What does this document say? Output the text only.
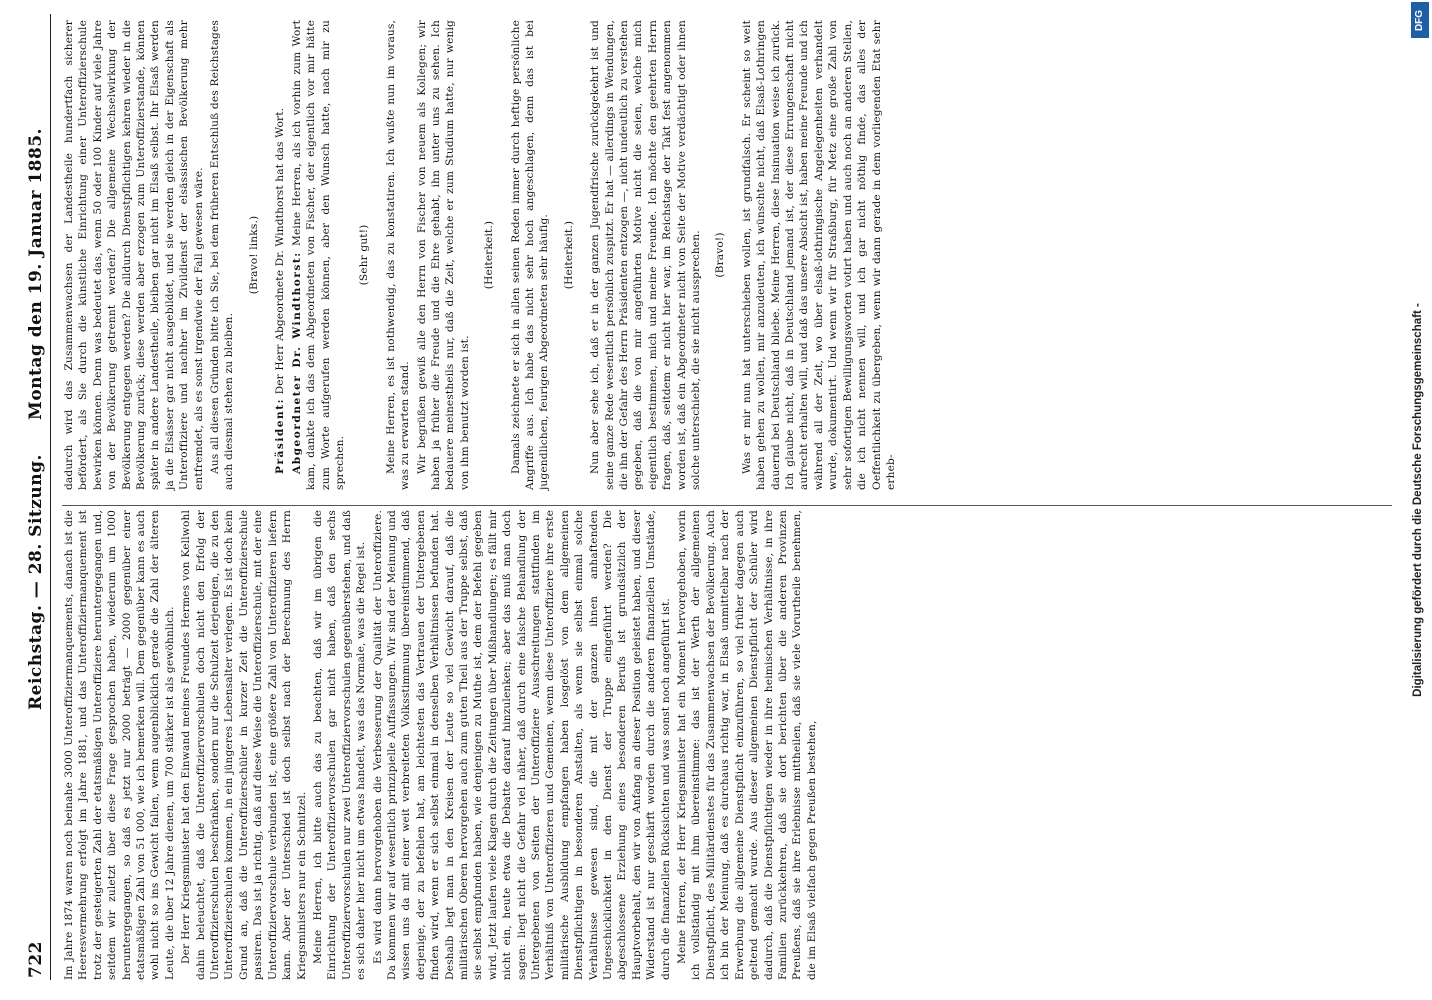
722
Reichstag. — 28. Sitzung.
Montag den 19. Januar 1885.

Im Jahre 1874 waren noch beinahe 3000 Unteroffiziermanquements, danach ist die Heeresvermehrung erfolgt im Jahre 1881, und das Unteroffiziermanquement ist trotz der gesteigerten Zahl der etatsmäßigen Unteroffiziere heruntergegangen und, seitdem wir zuletzt über diese Frage gesprochen haben, wiederum um 1000 heruntergegangen, so daß es jetzt nur 2000 beträgt — 2000 gegenüber einer etatsmäßigen Zahl von 51 000, wie ich bemerken will. Dem gegenüber kann es auch wohl nicht so ins Gewicht fallen, wenn augenblicklich gerade die Zahl der älteren Leute, die über 12 Jahre dienen, um 700 stärker ist als gewöhnlich. Der Herr Kriegsminister hat den Einwand meines Freundes Hermes von Kellwohl dahin beleuchtet, daß die Unteroffiziervorschulen doch nicht den Erfolg der Unteroffizierschulen beschränken, sondern nur die Schulzeit derjenigen, die zu den Unteroffizierschulen kommen, in ein jüngeres Lebensalter verlegen. Es ist doch kein Grund an, daß die Unteroffizierschüler in kurzer Zeit die Unteroffizierschule passiren. Das ist ja richtig, daß auf diese Weise die Unteroffizierschule, mit der eine Unteroffiziervorschule verbunden ist, eine größere Zahl von Unteroffizieren liefern kann. Aber der Unterschied ist doch selbst nach der Berechnung des Herrn Kriegsministers nur ein Schnitzel. Meine Herren, ich bitte auch das zu beachten, daß wir im übrigen die Einrichtung der Unteroffiziervorschulen gar nicht haben, daß den sechs Unteroffiziervorschulen nur zwei Unteroffiziervorschulen gegenüberstehen, und daß es sich daher hier nicht um etwas handelt, was das Normale, was die Regel ist. Es wird dann hervorgehoben die Verbesserung der Qualität der Unteroffiziere. Da kommen wir auf wesentlich prinzipielle Auffassungen. Wir sind der Meinung und wissen uns da mit einer weit verbreiteten Volksstimmung übereinstimmend, daß derjenige, der zu befehlen hat, am leichtesten das Vertrauen der Untergebenen finden wird, wenn er sich selbst einmal in denselben Verhältnissen befunden hat. Deshalb legt man in den Kreisen der Leute so viel Gewicht darauf, daß die militärischen Oberen hervorgehen auch zum guten Theil aus der Truppe selbst, daß sie selbst empfunden haben, wie denjenigen zu Muthe ist, dem der Befehl gegeben wird. Jetzt laufen viele Klagen durch die Zeitungen über Mißhandlungen; es fällt mir nicht ein, heute etwa die Debatte darauf hinzulenken; aber das muß man doch sagen: liegt nicht die Gefahr viel näher, daß durch eine falsche Behandlung der Untergebenen von Seiten der Unteroffiziere Ausschreitungen stattfinden im Verhältniß von Unteroffizieren und Gemeinen, wenn diese Unteroffiziere ihre erste militärische Ausbildung empfangen haben losgelöst von dem allgemeinen Dienstpflichtigen in besonderen Anstalten, als wenn sie selbst einmal solche Verhältnisse gewesen sind, die mit der ganzen ihnen anhaftenden Ungeschicklichkeit in den Dienst der Truppe eingeführt werden? Die abgeschlossene Erziehung eines besonderen Berufs ist grundsätzlich der Hauptvorbehalt, den wir von Anfang an dieser Position geleistet haben, und dieser Widerstand ist nur geschärft worden durch die anderen finanziellen Umstände, durch die finanziellen Rücksichten und was sonst noch angeführt ist. Meine Herren, der Herr Kriegsminister hat ein Moment hervorgehoben, worin ich vollständig mit ihm übereinstimme: das ist der Werth der allgemeinen Dienstpflicht, des Militärdienstes für das Zusammenwachsen der Bevölkerung. Auch ich bin der Meinung, daß es durchaus richtig war, in Elsaß unmittelbar nach der Erwerbung die allgemeine Dienstpflicht einzuführen, so viel früher dagegen auch geltend gemacht wurde. Aus dieser allgemeinen Dienstpflicht der Schüler wird dadurch, daß die Dienstpflichtigen wieder in ihre heimischen Verhältnisse, in ihre Familien zurückkehren, daß sie dort berichten über die anderen Provinzen Preußens, daß sie ihre Erlebnisse mittheilen, daß sie viele Vorurtheile benehmen, die im Elsaß vielfach gegen Preußen bestehen,

dadurch wird das Zusammenwachsen der Landestheile hundertfach sicherer befördert, als Sie durch die künstliche Einrichtung einer Unteroffizierschule bewirken können. Denn was bedeutet das, wenn 50 oder 100 Kinder auf viele Jahre von der Bevölkerung getrennt werden? Die allgemeine Wechselwirkung der Bevölkerung entgegen werden? Die alldurch Dienstpflichtigen kehren wieder in die Bevölkerung zurück; diese werden aber erzogen zum Unteroffizierstande, können später in andere Landestheile, bleiben gar nicht im Elsaß selbst. Ihr Elsaß werden ja die Elsässer gar nicht ausgebildet, und sie werden gleich in der Eigenschaft als Unteroffiziere und nachher im Zivildienst der elsässischen Bevölkerung mehr entfremdet, als es sonst irgendwie der Fall gewesen wäre. Aus all diesen Gründen bitte ich Sie, bei dem früheren Entschluß des Reichstages auch diesmal stehen zu bleiben.

(Bravo! links.)

Präsident: Der Herr Abgeordnete Dr. Windthorst hat das Wort. Abgeordneter Dr. Windthorst: Meine Herren, als ich vorhin zum Wort kam, dankte ich das dem Abgeordneten von Fischer, der eigentlich vor mir hätte zum Worte aufgerufen werden können, aber den Wunsch hatte, nach mir zu sprechen.

(Sehr gut!) Meine Herren, es ist nothwendig, das zu konstatiren. Ich wußte nun im voraus, was zu erwarten stand. Wir begrüßen gewiß alle den Herrn von Fischer von neuem als Kollegen; wir haben ja früher die Freude und die Ehre gehabt, ihn unter uns zu sehen. Ich bedauere meinestheils nur, daß die Zeit, welche er zum Studium hatte, nur wenig von ihm benutzt worden ist.

(Heiterkeit.) Damals zeichnete er sich in allen seinen Reden immer durch heftige persönliche Angriffe aus. Ich habe das nicht sehr hoch angeschlagen, denn das ist bei jugendlichen, feurigen Abgeordneten sehr häufig. (Heiterkeit.) Nun aber sehe ich, daß er in der ganzen Jugendfrische zurückgekehrt ist und seine ganze Rede wesentlich persönlich zuspitzt. Er hat — allerdings in Wendungen, die ihn der Gefahr des Herrn Präsidenten entzogen —, nicht undeutlich zu verstehen gegeben, daß die von mir angeführten Motive nicht die seien, welche mich eigentlich bestimmen, mich und meine Freunde. Ich möchte den geehrten Herrn fragen, daß, seitdem er nicht hier war, im Reichstage der Takt fest angenommen worden ist, daß ein Abgeordneter nicht von Seite der Motive verdächtigt oder ihnen solche unterschiebt, die sie nicht aussprechen. (Bravo!) Was er mir nun hat unterschieben wollen, ist grundfalsch. Er scheint so weit haben gehen zu wollen, mir anzudeuten, ich wünschte nicht, daß Elsaß-Lothringen dauernd bei Deutschland bliebe. Meine Herren, diese Insinuation weise ich zurück. Ich glaube nicht, daß in Deutschland jemand ist, der diese Errungenschaft nicht aufrecht erhalten will, und daß das unsere Absicht ist, haben meine Freunde und ich während all der Zeit, wo über elsaß-lothringische Angelegenheiten verhandelt wurde, dokumentirt. Und wenn wir für Straßburg, für Metz eine große Zahl von sehr sofortigen Bewilligungsworten votirt haben und auch noch an anderen Stellen, die ich nicht nennen will, und ich gar nicht nöthig finde, das alles der Oeffentlichkeit zu übergeben, wenn wir dann gerade in dem vorliegenden Etat sehr erheb-

DFG
Digitalisierung gefördert durch die Deutsche Forschungsgemeinschaft -
